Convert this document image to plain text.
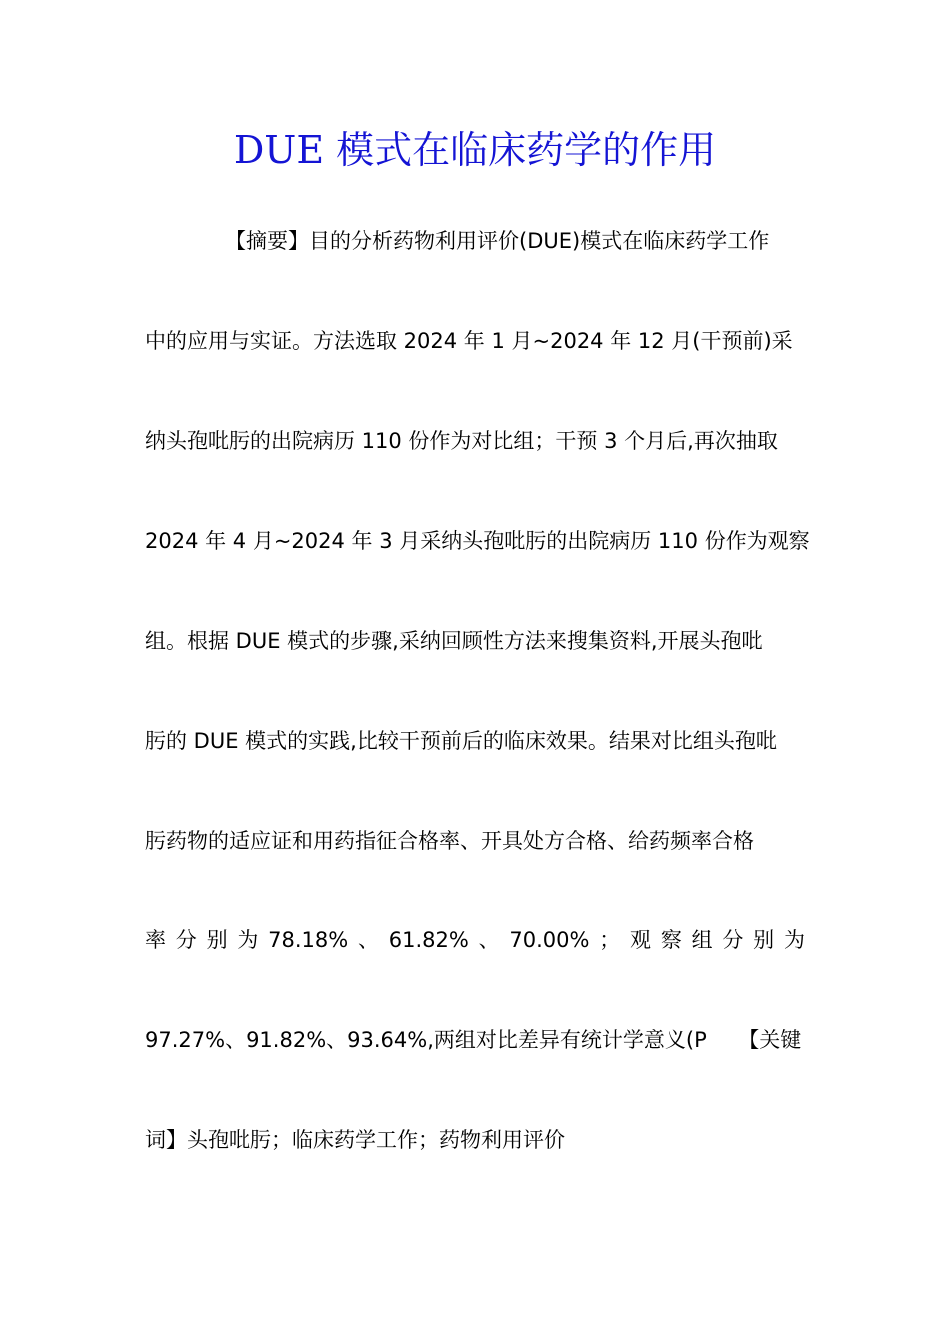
DUE 模式在临床药学的作用
【摘要】目的分析药物利用评价(DUE)模式在临床药学工作
中的应用与实证。方法选取 2024 年 1 月~2024 年 12 月(干预前)采
纳头孢吡肟的出院病历 110 份作为对比组；干预 3 个月后,再次抽取
2024 年 4 月~2024 年 3 月采纳头孢吡肟的出院病历 110 份作为观察
组。根据 DUE 模式的步骤,采纳回顾性方法来搜集资料,开展头孢吡
肟的 DUE 模式的实践,比较干预前后的临床效果。结果对比组头孢吡
肟药物的适应证和用药指征合格率、开具处方合格、给药频率合格
率 分 别 为 78.18% 、 61.82% 、 70.00% ； 观 察 组 分 别 为
97.27%、91.82%、93.64%,两组对比差异有统计学意义(P　　【关键
词】头孢吡肟；临床药学工作；药物利用评价
